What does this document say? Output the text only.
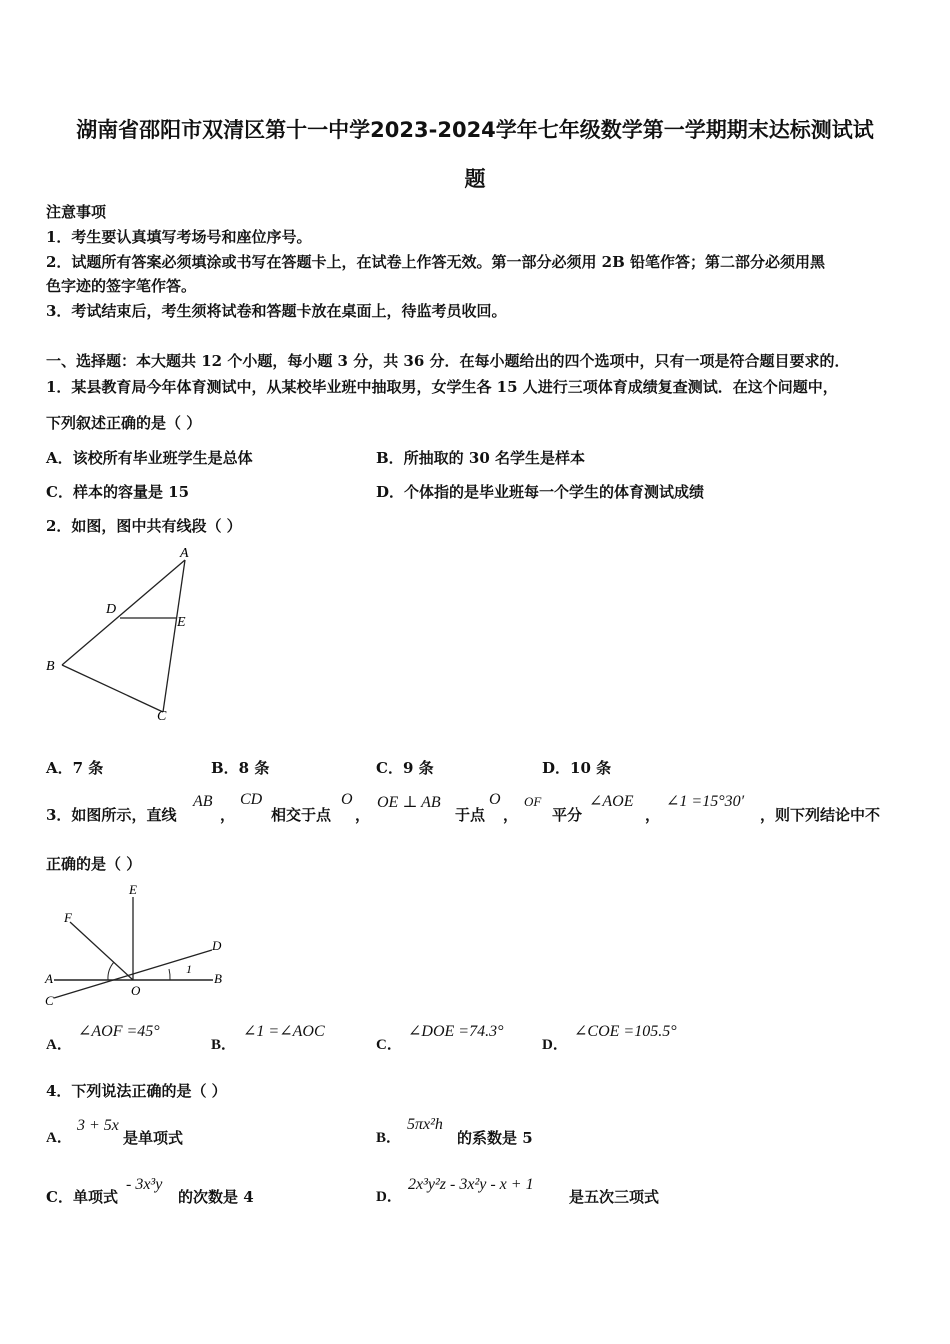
湖南省邵阳市双清区第十一中学2023-2024学年七年级数学第一学期期末达标测试试
题
注意事项
1．考生要认真填写考场号和座位序号。
2．试题所有答案必须填涂或书写在答题卡上，在试卷上作答无效。第一部分必须用 2B 铅笔作答；第二部分必须用黑
色字迹的签字笔作答。
3．考试结束后，考生须将试卷和答题卡放在桌面上，待监考员收回。
一、选择题：本大题共 12 个小题，每小题 3 分，共 36 分．在每小题给出的四个选项中，只有一项是符合题目要求的．
1．某县教育局今年体育测试中，从某校毕业班中抽取男，女学生各 15 人进行三项体育成绩复查测试．在这个问题中，
下列叙述正确的是（ ）
A．该校所有毕业班学生是总体	B．所抽取的 30 名学生是样本
C．样本的容量是 15	D．个体指的是毕业班每一个学生的体育测试成绩
2．如图，图中共有线段（ ）
A
D
E
B
C
A．7 条	B．8 条	C．9 条	D．10 条
3．如图所示，直线
AB
，
CD
相交于点
O
，
OE ⊥ AB
于点
O
，
OF
平分
∠AOE
，
∠1 =15°30′
，则下列结论中不
正确的是（ ）
E
F
D
A	B
C
O
1
A．
∠AOF =45°
B．
∠1 =∠AOC
C．
∠DOE =74.3°
D．
∠COE =105.5°
4．下列说法正确的是（ ）
A．
3 + 5x
是单项式	B．
5πx²h
的系数是 5
C．单项式
- 3x³y
的次数是 4	D．
2x³y²z - 3x²y - x + 1
是五次三项式
